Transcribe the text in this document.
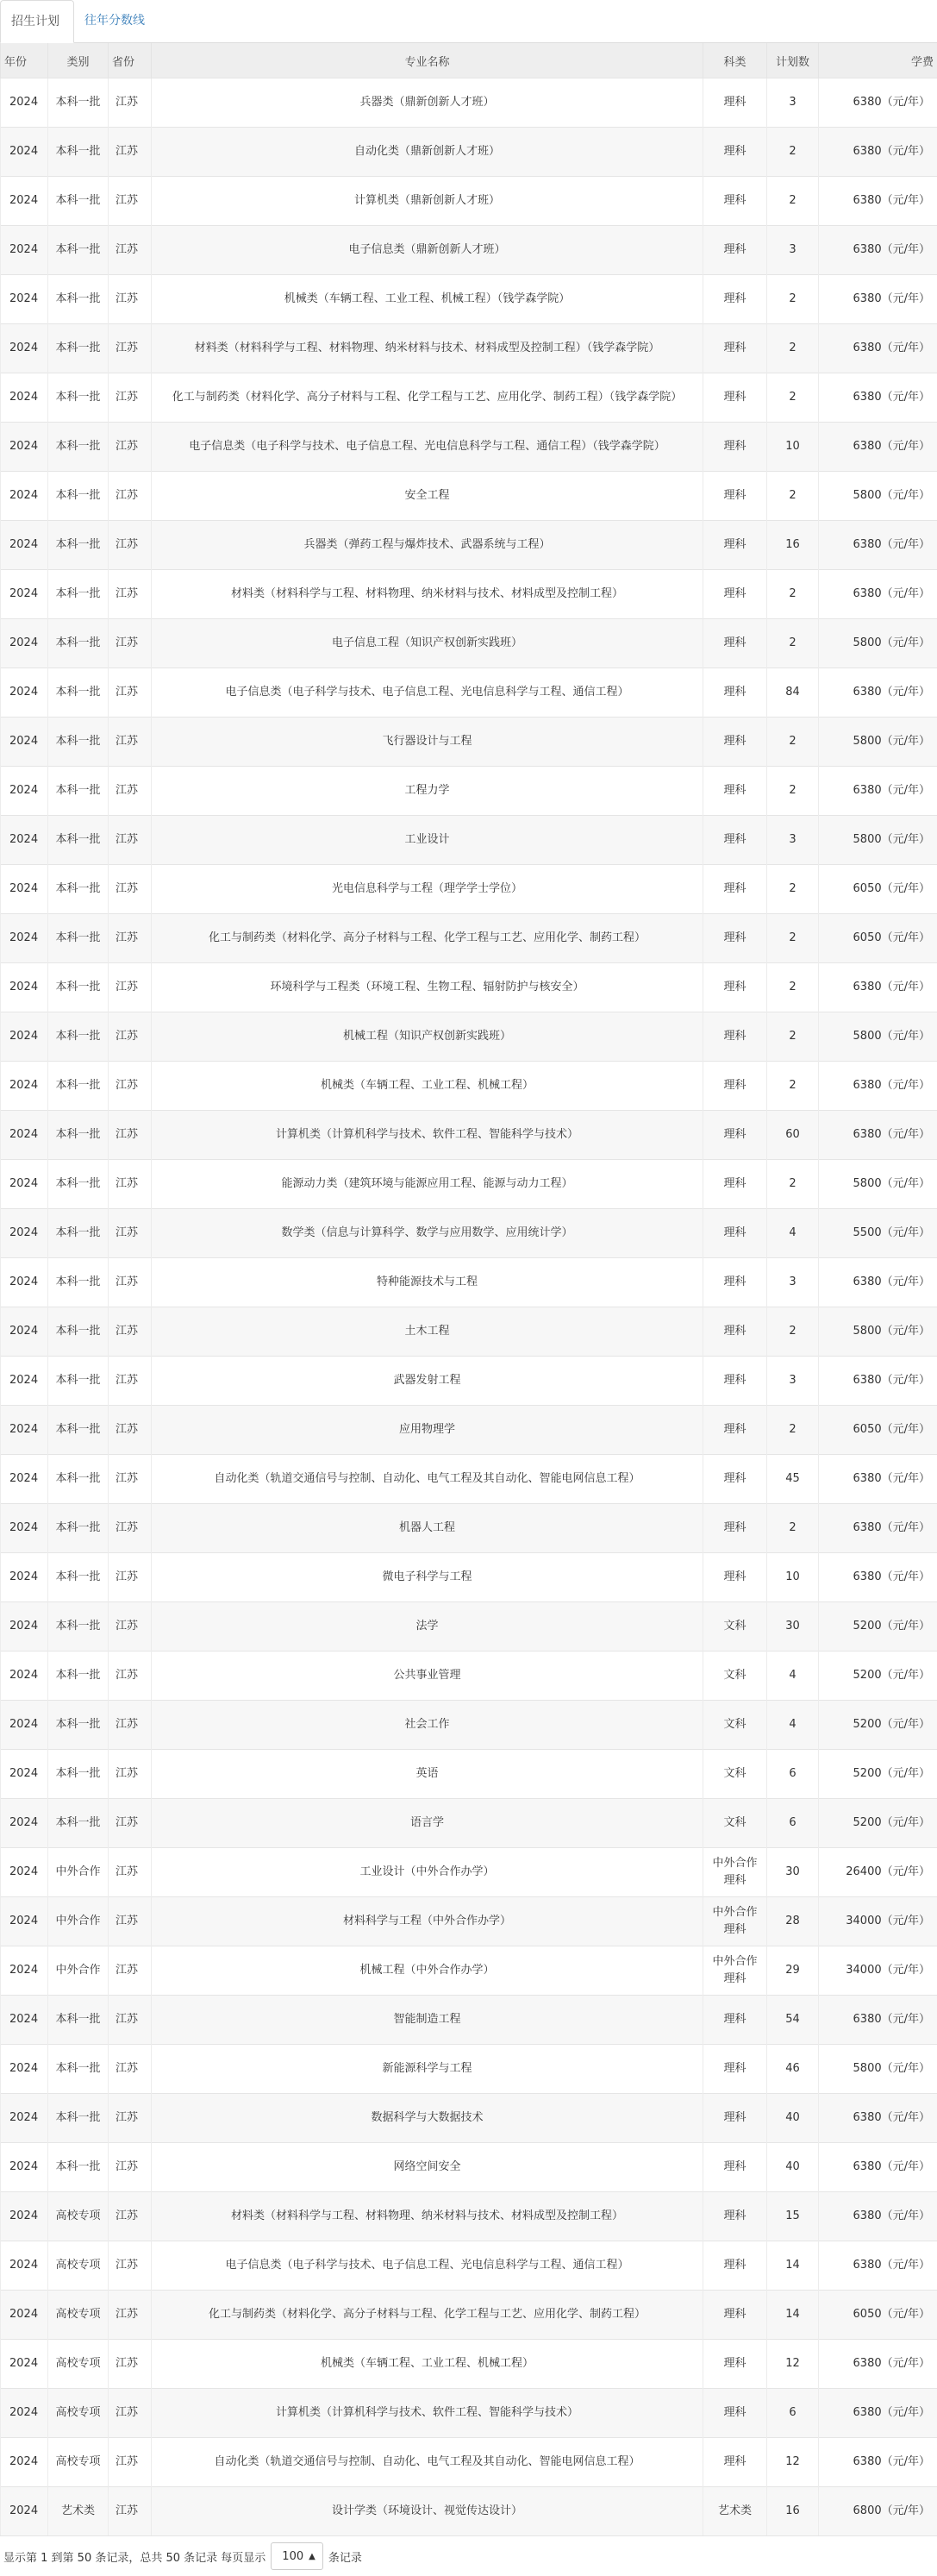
招生计划	往年分数线
年份	类别	省份	专业名称	科类	计划数	学费
2024	本科一批	江苏	兵器类（鼎新创新人才班）	理科	3	6380（元/年）
2024	本科一批	江苏	自动化类（鼎新创新人才班）	理科	2	6380（元/年）
2024	本科一批	江苏	计算机类（鼎新创新人才班）	理科	2	6380（元/年）
2024	本科一批	江苏	电子信息类（鼎新创新人才班）	理科	3	6380（元/年）
2024	本科一批	江苏	机械类（车辆工程、工业工程、机械工程）（钱学森学院）	理科	2	6380（元/年）
2024	本科一批	江苏	材料类（材料科学与工程、材料物理、纳米材料与技术、材料成型及控制工程）（钱学森学院）	理科	2	6380（元/年）
2024	本科一批	江苏	化工与制药类（材料化学、高分子材料与工程、化学工程与工艺、应用化学、制药工程）（钱学森学院）	理科	2	6380（元/年）
2024	本科一批	江苏	电子信息类（电子科学与技术、电子信息工程、光电信息科学与工程、通信工程）（钱学森学院）	理科	10	6380（元/年）
2024	本科一批	江苏	安全工程	理科	2	5800（元/年）
2024	本科一批	江苏	兵器类（弹药工程与爆炸技术、武器系统与工程）	理科	16	6380（元/年）
2024	本科一批	江苏	材料类（材料科学与工程、材料物理、纳米材料与技术、材料成型及控制工程）	理科	2	6380（元/年）
2024	本科一批	江苏	电子信息工程（知识产权创新实践班）	理科	2	5800（元/年）
2024	本科一批	江苏	电子信息类（电子科学与技术、电子信息工程、光电信息科学与工程、通信工程）	理科	84	6380（元/年）
2024	本科一批	江苏	飞行器设计与工程	理科	2	5800（元/年）
2024	本科一批	江苏	工程力学	理科	2	6380（元/年）
2024	本科一批	江苏	工业设计	理科	3	5800（元/年）
2024	本科一批	江苏	光电信息科学与工程（理学学士学位）	理科	2	6050（元/年）
2024	本科一批	江苏	化工与制药类（材料化学、高分子材料与工程、化学工程与工艺、应用化学、制药工程）	理科	2	6050（元/年）
2024	本科一批	江苏	环境科学与工程类（环境工程、生物工程、辐射防护与核安全）	理科	2	6380（元/年）
2024	本科一批	江苏	机械工程（知识产权创新实践班）	理科	2	5800（元/年）
2024	本科一批	江苏	机械类（车辆工程、工业工程、机械工程）	理科	2	6380（元/年）
2024	本科一批	江苏	计算机类（计算机科学与技术、软件工程、智能科学与技术）	理科	60	6380（元/年）
2024	本科一批	江苏	能源动力类（建筑环境与能源应用工程、能源与动力工程）	理科	2	5800（元/年）
2024	本科一批	江苏	数学类（信息与计算科学、数学与应用数学、应用统计学）	理科	4	5500（元/年）
2024	本科一批	江苏	特种能源技术与工程	理科	3	6380（元/年）
2024	本科一批	江苏	土木工程	理科	2	5800（元/年）
2024	本科一批	江苏	武器发射工程	理科	3	6380（元/年）
2024	本科一批	江苏	应用物理学	理科	2	6050（元/年）
2024	本科一批	江苏	自动化类（轨道交通信号与控制、自动化、电气工程及其自动化、智能电网信息工程）	理科	45	6380（元/年）
2024	本科一批	江苏	机器人工程	理科	2	6380（元/年）
2024	本科一批	江苏	微电子科学与工程	理科	10	6380（元/年）
2024	本科一批	江苏	法学	文科	30	5200（元/年）
2024	本科一批	江苏	公共事业管理	文科	4	5200（元/年）
2024	本科一批	江苏	社会工作	文科	4	5200（元/年）
2024	本科一批	江苏	英语	文科	6	5200（元/年）
2024	本科一批	江苏	语言学	文科	6	5200（元/年）
2024	中外合作	江苏	工业设计（中外合作办学）	中外合作理科	30	26400（元/年）
2024	中外合作	江苏	材料科学与工程（中外合作办学）	中外合作理科	28	34000（元/年）
2024	中外合作	江苏	机械工程（中外合作办学）	中外合作理科	29	34000（元/年）
2024	本科一批	江苏	智能制造工程	理科	54	6380（元/年）
2024	本科一批	江苏	新能源科学与工程	理科	46	5800（元/年）
2024	本科一批	江苏	数据科学与大数据技术	理科	40	6380（元/年）
2024	本科一批	江苏	网络空间安全	理科	40	6380（元/年）
2024	高校专项	江苏	材料类（材料科学与工程、材料物理、纳米材料与技术、材料成型及控制工程）	理科	15	6380（元/年）
2024	高校专项	江苏	电子信息类（电子科学与技术、电子信息工程、光电信息科学与工程、通信工程）	理科	14	6380（元/年）
2024	高校专项	江苏	化工与制药类（材料化学、高分子材料与工程、化学工程与工艺、应用化学、制药工程）	理科	14	6050（元/年）
2024	高校专项	江苏	机械类（车辆工程、工业工程、机械工程）	理科	12	6380（元/年）
2024	高校专项	江苏	计算机类（计算机科学与技术、软件工程、智能科学与技术）	理科	6	6380（元/年）
2024	高校专项	江苏	自动化类（轨道交通信号与控制、自动化、电气工程及其自动化、智能电网信息工程）	理科	12	6380（元/年）
2024	艺术类	江苏	设计学类（环境设计、视觉传达设计）	艺术类	16	6800（元/年）
显示第 1 到第 50 条记录，总共 50 条记录 每页显示 100 ▲ 条记录
